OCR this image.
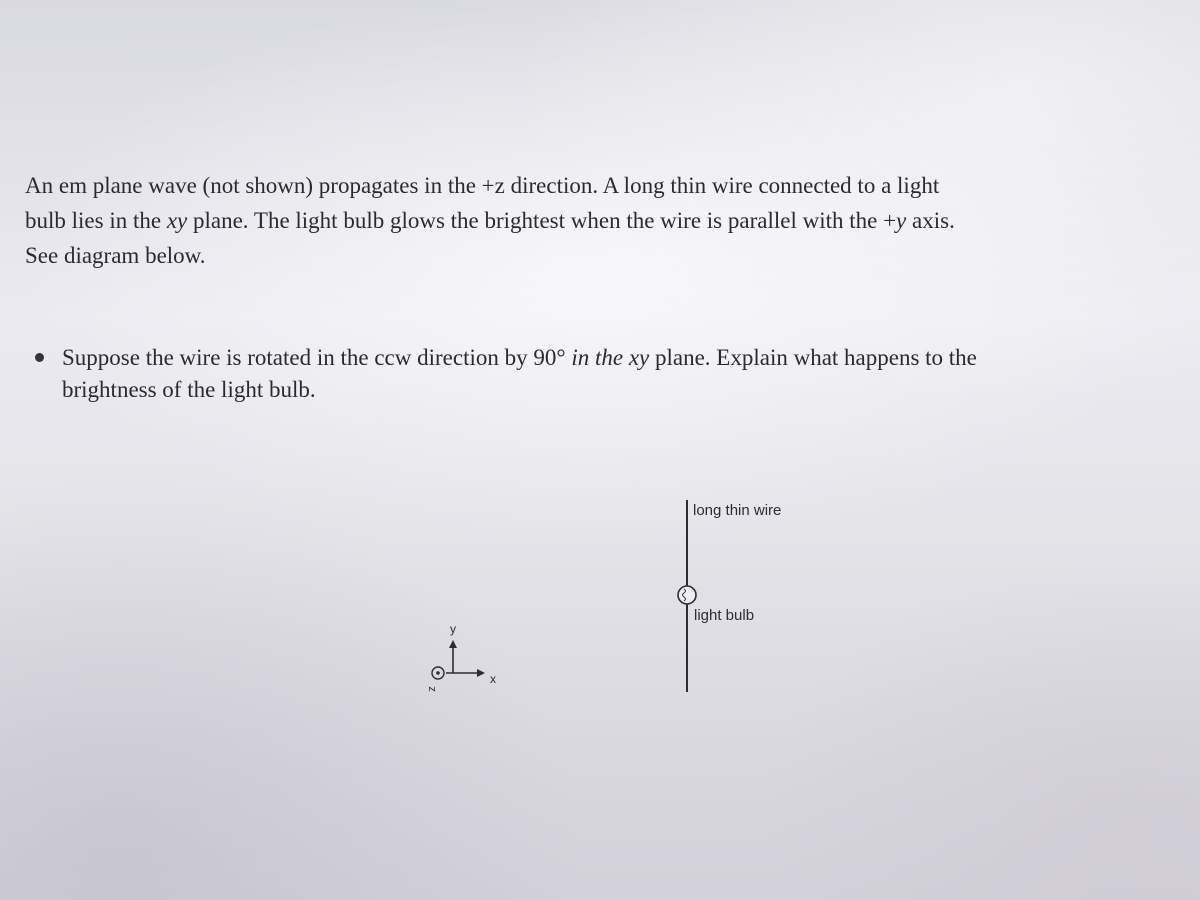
An em plane wave (not shown) propagates in the +z direction. A long thin wire connected to a light
bulb lies in the xy plane. The light bulb glows the brightest when the wire is parallel with the +y axis.
See diagram below.
Suppose the wire is rotated in the ccw direction by 90° in the xy plane. Explain what happens to the
brightness of the light bulb.
long thin wire
light bulb
y
x
z
